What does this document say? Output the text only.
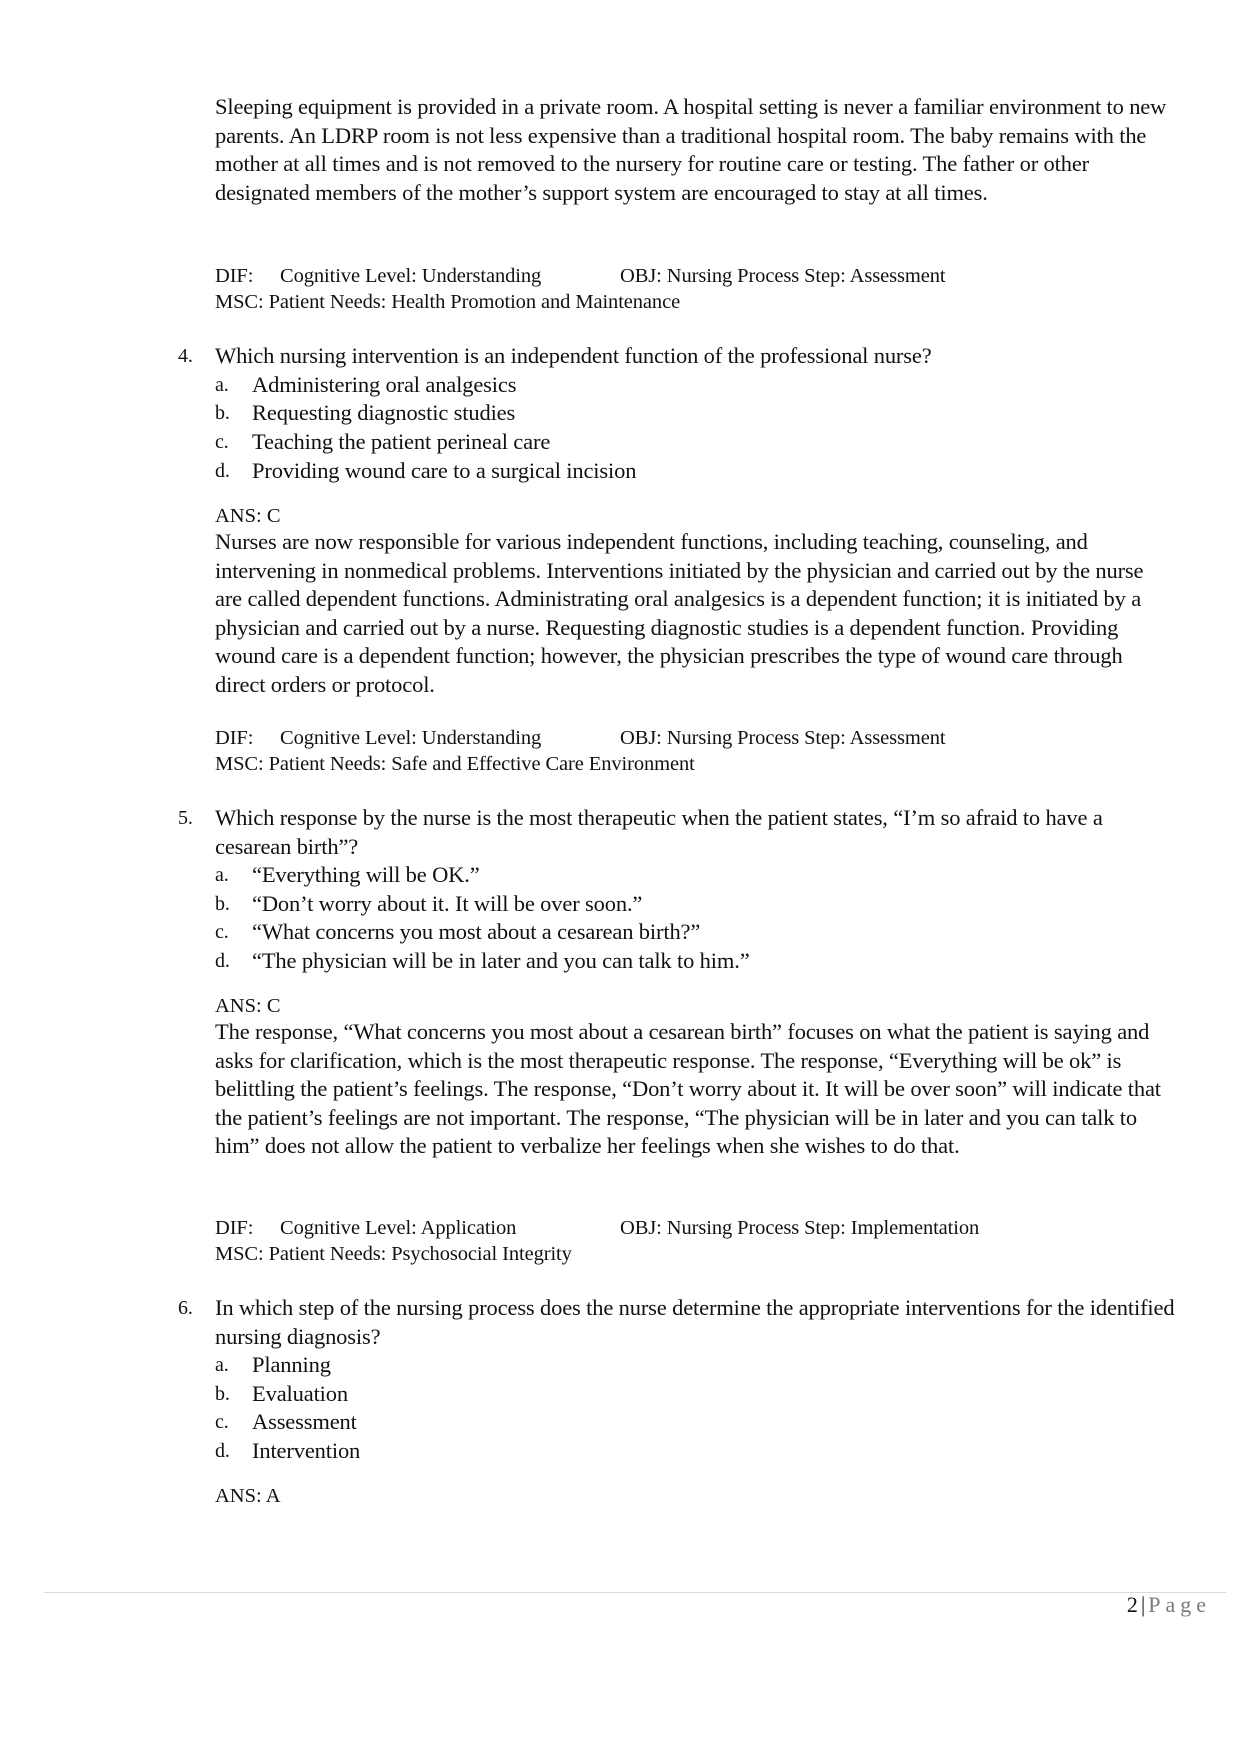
Sleeping equipment is provided in a private room. A hospital setting is never a familiar environment to new parents. An LDRP room is not less expensive than a traditional hospital room. The baby remains with the mother at all times and is not removed to the nursery for routine care or testing. The father or other designated members of the mother’s support system are encouraged to stay at all times.

DIF: Cognitive Level: Understanding	OBJ: Nursing Process Step: Assessment
MSC: Patient Needs: Health Promotion and Maintenance
4. Which nursing intervention is an independent function of the professional nurse?
a.	Administering oral analgesics
b. Requesting diagnostic studies
c.	Teaching the patient perineal care
d. Providing wound care to a surgical incision
ANS: C

Nurses are now responsible for various independent functions, including teaching, counseling, and intervening in nonmedical problems. Interventions initiated by the physician and carried out by the nurse are called dependent functions. Administrating oral analgesics is a dependent function; it is initiated by a physician and carried out by a nurse. Requesting diagnostic studies is a dependent function. Providing wound care is a dependent function; however, the physician prescribes the type of wound care through direct orders or protocol.

DIF: Cognitive Level: Understanding	OBJ: Nursing Process Step: Assessment
MSC: Patient Needs: Safe and Effective Care Environment
5. Which response by the nurse is the most therapeutic when the patient states, “I’m so afraid to have a cesarean birth”?
a.	“Everything will be OK.”
b. “Don’t worry about it. It will be over soon.”
c.	“What concerns you most about a cesarean birth?”
d. “The physician will be in later and you can talk to him.”
ANS: C

The response, “What concerns you most about a cesarean birth” focuses on what the patient is saying and asks for clarification, which is the most therapeutic response. The response, “Everything will be ok” is belittling the patient’s feelings. The response, “Don’t worry about it. It will be over soon” will indicate that the patient’s feelings are not important. The response, “The physician will be in later and you can talk to him” does not allow the patient to verbalize her feelings when she wishes to do that.

DIF: Cognitive Level: Application	OBJ: Nursing Process Step: Implementation
MSC: Patient Needs: Psychosocial Integrity
6. In which step of the nursing process does the nurse determine the appropriate interventions for the identified nursing diagnosis?
a.	Planning
b. Evaluation
c.	Assessment
d. Intervention
ANS: A
2 | Page
